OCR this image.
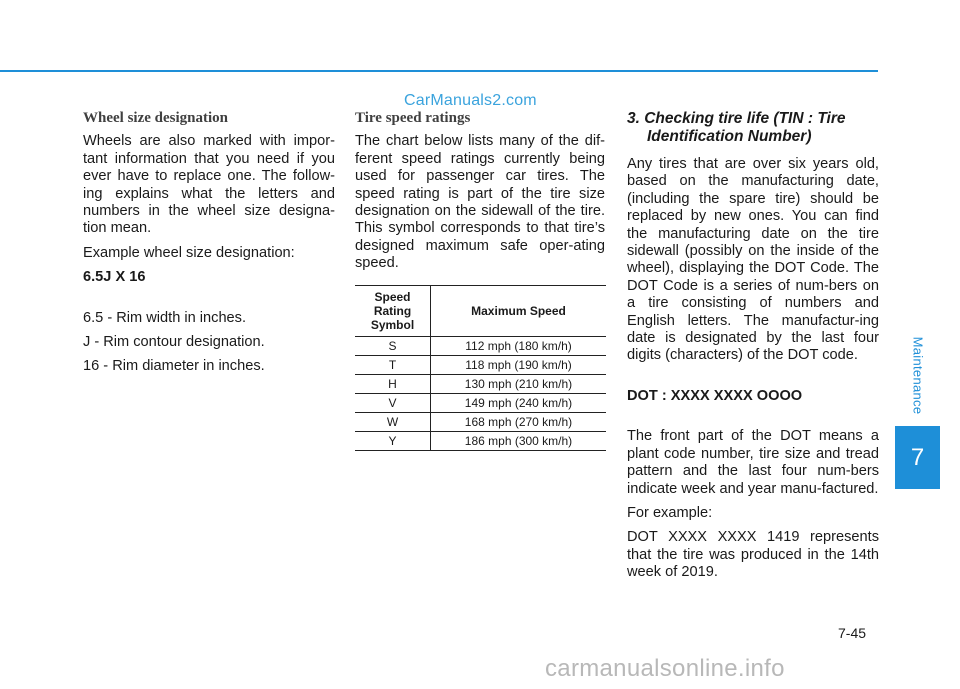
CarManuals2.com
Wheel size designation

Wheels are also marked with impor-tant information that you need if you ever have to replace one. The follow-ing explains what the letters and numbers in the wheel size designa-tion mean.

Example wheel size designation:

6.5J X 16

6.5 - Rim width in inches.

J - Rim contour designation.

16 - Rim diameter in inches.

Tire speed ratings

The chart below lists many of the dif-ferent speed ratings currently being used for passenger car tires. The speed rating is part of the tire size designation on the sidewall of the tire. This symbol corresponds to that tire’s designed maximum safe oper-ating speed.

Speed Rating Symbol	Maximum Speed
S	112 mph (180 km/h)
T	118 mph (190 km/h)
H	130 mph (210 km/h)
V	149 mph (240 km/h)
W	168 mph (270 km/h)
Y	186 mph (300 km/h)
3. Checking tire life (TIN : Tire
Identification Number)

Any tires that are over six years old, based on the manufacturing date, (including the spare tire) should be replaced by new ones. You can find the manufacturing date on the tire sidewall (possibly on the inside of the wheel), displaying the DOT Code. The DOT Code is a series of num-bers on a tire consisting of numbers and English letters. The manufactur-ing date is designated by the last four digits (characters) of the DOT code.

DOT : XXXX XXXX OOOO

The front part of the DOT means a plant code number, tire size and tread pattern and the last four num-bers indicate week and year manu-factured.

For example:

DOT XXXX XXXX 1419 represents that the tire was produced in the 14th week of 2019.

Maintenance
7
7-45
carmanualsonline.info
